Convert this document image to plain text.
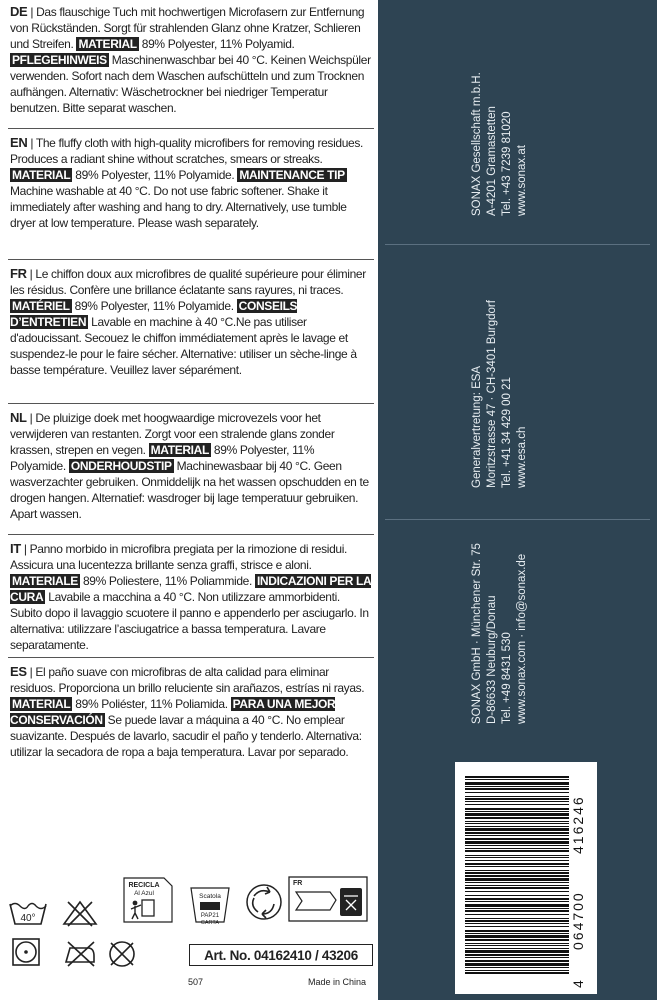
DE | Das flauschige Tuch mit hochwertigen Microfasern zur Entfernung von Rückständen. Sorgt für strahlenden Glanz ohne Kratzer, Schlieren und Streifen. MATERIAL 89% Polyester, 11% Polyamid. PFLEGEHINWEIS Maschinenwaschbar bei 40 °C. Keinen Weichspüler verwenden. Sofort nach dem Waschen aufschütteln und zum Trocknen aufhängen. Alternativ: Wäschetrockner bei niedriger Temperatur benutzen. Bitte separat waschen.
EN | The fluffy cloth with high-quality microfibers for removing residues. Produces a radiant shine without scratches, smears or streaks. MATERIAL 89% Polyester, 11% Polyamide. MAINTENANCE TIP Machine washable at 40 °C. Do not use fabric softener. Shake it immediately after washing and hang to dry. Alternatively, use tumble dryer at low temperature. Please wash separately.
FR | Le chiffon doux aux microfibres de qualité supérieure pour éliminer les résidus. Confère une brillance éclatante sans rayures, ni traces. MATÉRIEL 89% Polyester, 11% Polyamide. CONSEILS D’ENTRETIEN Lavable en machine à 40 °C.Ne pas utiliser d'adoucissant. Secouez le chiffon immédiatement après le lavage et suspendez-le pour le faire sécher. Alternative: utiliser un sèche-linge à basse température. Veuillez laver séparément.
NL | De pluizige doek met hoogwaardige microvezels voor het verwijderen van restanten. Zorgt voor een stralende glans zonder krassen, strepen en vegen. MATERIAL 89% Polyester, 11% Polyamide. ONDERHOUDSTIP Machinewasbaar bij 40 °C. Geen wasverzachter gebruiken. Onmiddelijk na het wassen opschudden en te drogen hangen. Alternatief: wasdroger bij lage temperatuur gebruiken. Apart wassen.
IT | Panno morbido in microfibra pregiata per la rimozione di residui. Assicura una lucentezza brillante senza graffi, strisce e aloni. MATERIALE 89% Poliestere, 11% Poliammide. INDICAZIONI PER LA CURA Lavabile a macchina a 40 °C. Non utilizzare ammorbidenti. Subito dopo il lavaggio scuotere il panno e appenderlo per asciugarlo. In alternativa: utilizzare l’asciugatrice a bassa temperatura. Lavare separatamente.
ES | El paño suave con microfibras de alta calidad para eliminar residuos. Proporciona un brillo reluciente sin arañazos, estrías ni rayas. MATERIAL 89% Poliéster, 11% Poliamida. PARA UNA MEJOR CONSERVACIÓN Se puede lavar a máquina a 40 °C. No emplear suavizante. Después de lavarlo, sacudir el paño y tenderlo. Alternativa: utilizar la secadora de ropa a baja temperatura. Lavar por separado.
40°
RECICLA
Al Azul	Scatola
PAP21
CARTA
FR
Art. No. 04162410 / 43206
507	Made in China
SONAX Gesellschaft m.b.H. A-4201 Gramastetten Tel. +43 7239 81020 www.sonax.at
Generalvertretung: ESA Moritzstrasse 47 · CH-3401 Burgdorf Tel. +41 34 429 00 21 www.esa.ch
SONAX GmbH · Münchener Str. 75 D-86633 Neuburg/Donau Tel. +49 8431 530 www.sonax.com · info@sonax.de
4
064700
416246
